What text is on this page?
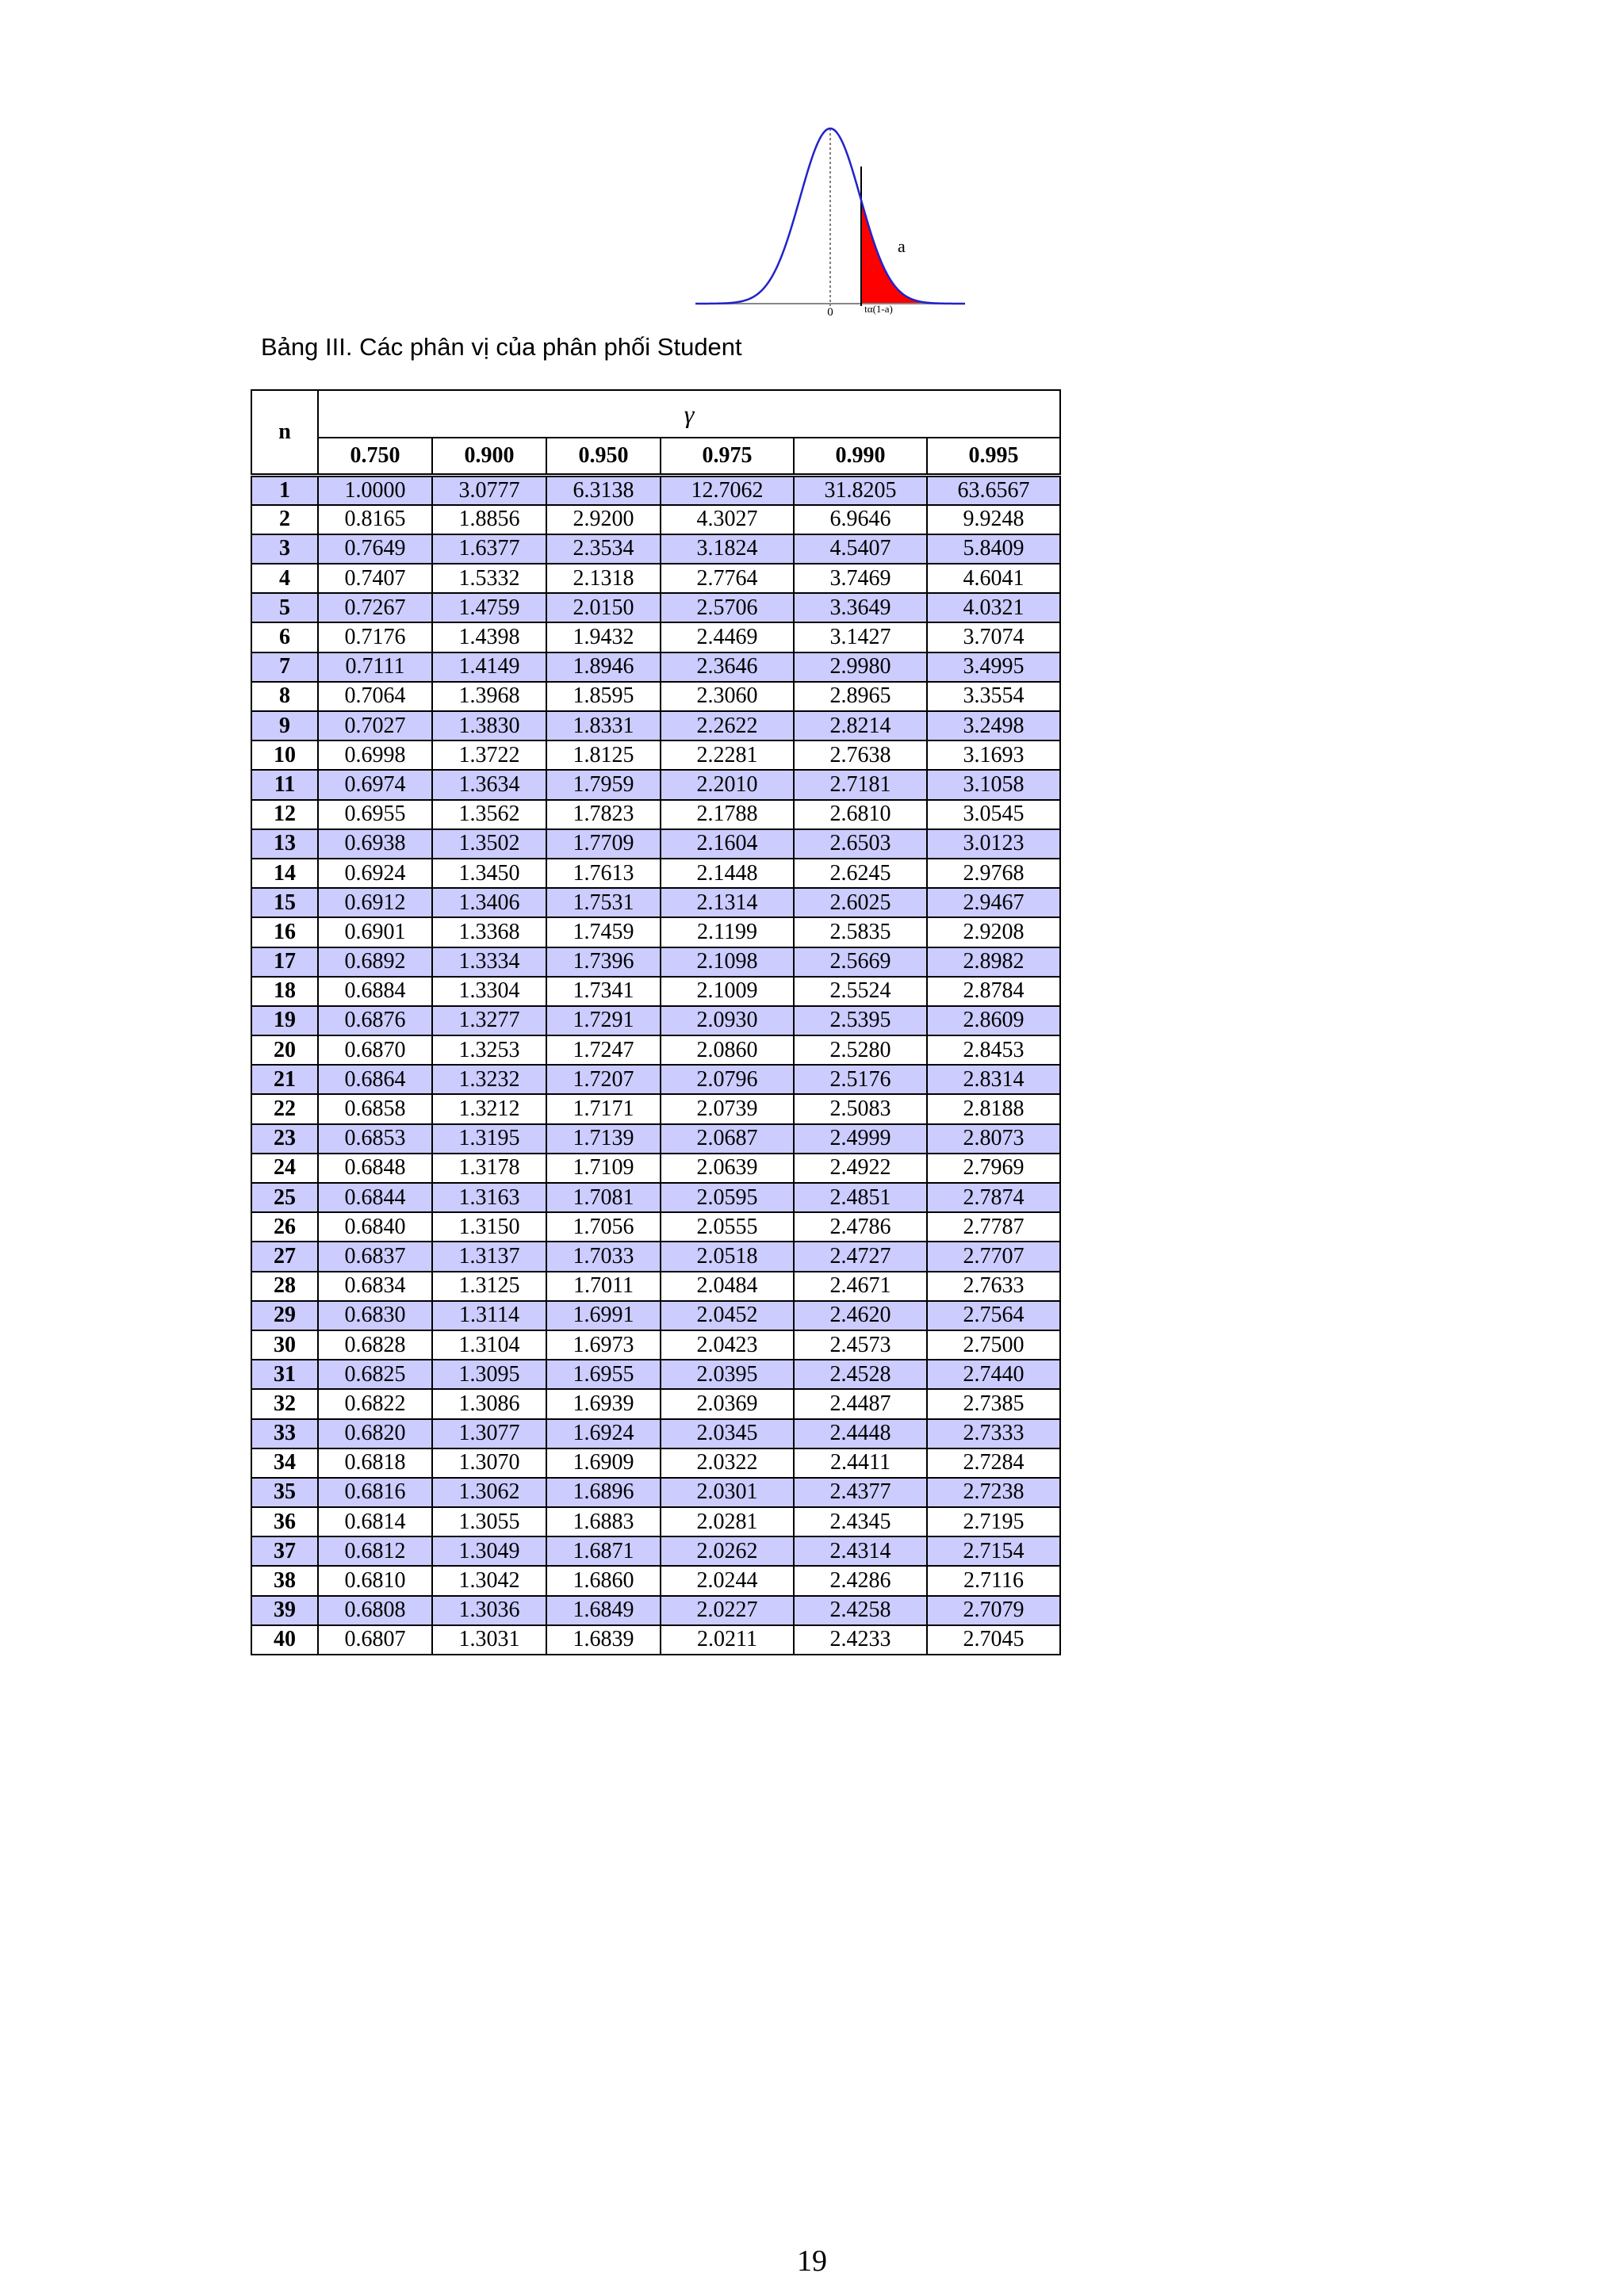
a
0	tα(1-a)
Bảng III. Các phân vị của phân phối Student
n	γ					
	0.750	0.900	0.950	0.975	0.990	0.995
1	1.0000	3.0777	6.3138	12.7062	31.8205	63.6567
2	0.8165	1.8856	2.9200	4.3027	6.9646	9.9248
3	0.7649	1.6377	2.3534	3.1824	4.5407	5.8409
4	0.7407	1.5332	2.1318	2.7764	3.7469	4.6041
5	0.7267	1.4759	2.0150	2.5706	3.3649	4.0321
6	0.7176	1.4398	1.9432	2.4469	3.1427	3.7074
7	0.7111	1.4149	1.8946	2.3646	2.9980	3.4995
8	0.7064	1.3968	1.8595	2.3060	2.8965	3.3554
9	0.7027	1.3830	1.8331	2.2622	2.8214	3.2498
10	0.6998	1.3722	1.8125	2.2281	2.7638	3.1693
11	0.6974	1.3634	1.7959	2.2010	2.7181	3.1058
12	0.6955	1.3562	1.7823	2.1788	2.6810	3.0545
13	0.6938	1.3502	1.7709	2.1604	2.6503	3.0123
14	0.6924	1.3450	1.7613	2.1448	2.6245	2.9768
15	0.6912	1.3406	1.7531	2.1314	2.6025	2.9467
16	0.6901	1.3368	1.7459	2.1199	2.5835	2.9208
17	0.6892	1.3334	1.7396	2.1098	2.5669	2.8982
18	0.6884	1.3304	1.7341	2.1009	2.5524	2.8784
19	0.6876	1.3277	1.7291	2.0930	2.5395	2.8609
20	0.6870	1.3253	1.7247	2.0860	2.5280	2.8453
21	0.6864	1.3232	1.7207	2.0796	2.5176	2.8314
22	0.6858	1.3212	1.7171	2.0739	2.5083	2.8188
23	0.6853	1.3195	1.7139	2.0687	2.4999	2.8073
24	0.6848	1.3178	1.7109	2.0639	2.4922	2.7969
25	0.6844	1.3163	1.7081	2.0595	2.4851	2.7874
26	0.6840	1.3150	1.7056	2.0555	2.4786	2.7787
27	0.6837	1.3137	1.7033	2.0518	2.4727	2.7707
28	0.6834	1.3125	1.7011	2.0484	2.4671	2.7633
29	0.6830	1.3114	1.6991	2.0452	2.4620	2.7564
30	0.6828	1.3104	1.6973	2.0423	2.4573	2.7500
31	0.6825	1.3095	1.6955	2.0395	2.4528	2.7440
32	0.6822	1.3086	1.6939	2.0369	2.4487	2.7385
33	0.6820	1.3077	1.6924	2.0345	2.4448	2.7333
34	0.6818	1.3070	1.6909	2.0322	2.4411	2.7284
35	0.6816	1.3062	1.6896	2.0301	2.4377	2.7238
36	0.6814	1.3055	1.6883	2.0281	2.4345	2.7195
37	0.6812	1.3049	1.6871	2.0262	2.4314	2.7154
38	0.6810	1.3042	1.6860	2.0244	2.4286	2.7116
39	0.6808	1.3036	1.6849	2.0227	2.4258	2.7079
40	0.6807	1.3031	1.6839	2.0211	2.4233	2.7045
19
